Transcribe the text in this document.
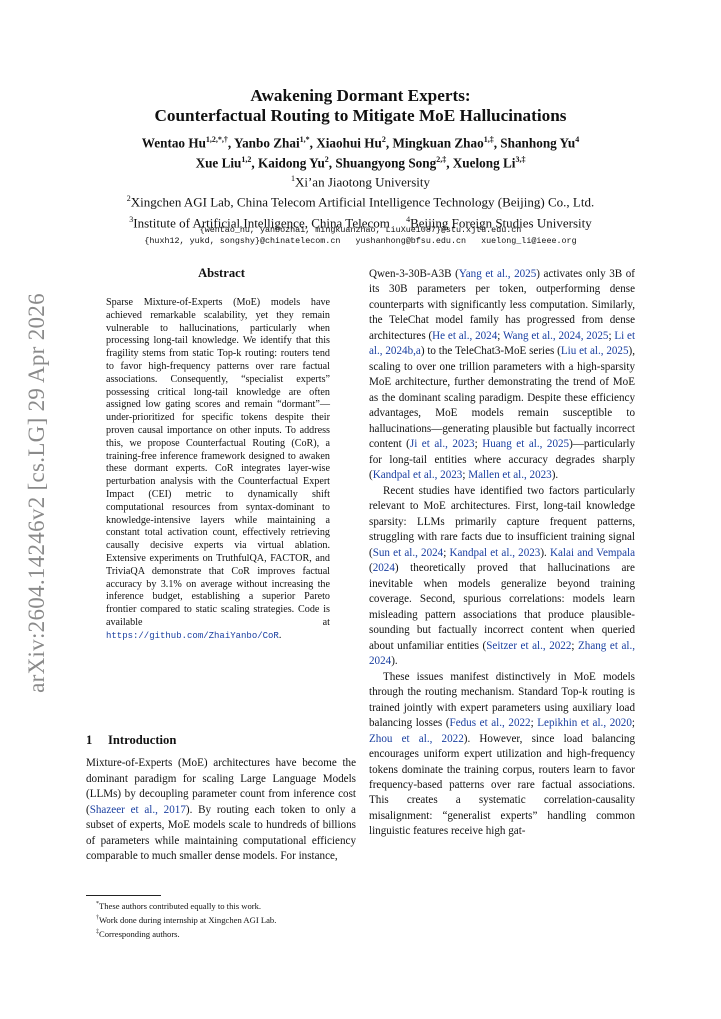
arXiv:2604.14246v2 [cs.LG] 29 Apr 2026
Awakening Dormant Experts:
Counterfactual Routing to Mitigate MoE Hallucinations
Wentao $Hu^{1,2,*,\dagger}$, Yanbo Zhai$^{1,*}$, Xiaohui Hu$^2$, Mingkuan Zhao$^{1,\ddagger}$, Shanhong Yu$^4$
Xue Liu$^{1,2}$, Kaidong Yu$^2$, Shuangyong Song$^{2,\ddagger}$, Xuelong $Li^{3,\ddagger}$
$^1$Xi’an Jiaotong University
$^2$Xingchen AGI Lab, China Telecom Artificial Intelligence Technology (Beijing) Co., Ltd.
$^3$Institute of Artificial Intelligence, China Telecom $^4$Beijing Foreign Studies University
{wentao_hu, yanbozhai, mingkuanzhao, LiuXue1087}@stu.xjtu.edu.cn
{huxh12, yukd, songshy}@chinatelecom.cn   yushanhong@bfsu.edu.cn   xuelong_li@ieee.org
Abstract
Sparse Mixture-of-Experts (MoE) models have achieved remarkable scalability, yet they remain vulnerable to hallucinations, particularly when processing long-tail knowledge. We identify that this fragility stems from static Top-k routing: routers tend to favor high-frequency patterns over rare factual associations. Consequently, “specialist experts” possessing critical long-tail knowledge are often assigned low gating scores and remain “dormant”—under-prioritized for specific tokens despite their proven causal importance on other inputs. To address this, we propose Counterfactual Routing (CoR), a training-free inference framework designed to awaken these dormant experts. CoR integrates layer-wise perturbation analysis with the Counterfactual Expert Impact (CEI) metric to dynamically shift computational resources from syntax-dominant to knowledge-intensive layers while maintaining a constant total activation count, effectively retrieving causally decisive experts via virtual ablation. Extensive experiments on TruthfulQA, FACTOR, and TriviaQA demonstrate that CoR improves factual accuracy by 3.1% on average without increasing the inference budget, establishing a superior Pareto frontier compared to static scaling strategies. Code is available at https://github.com/ZhaiYanbo/CoR.
1 Introduction
Mixture-of-Experts (MoE) architectures have become the dominant paradigm for scaling Large Language Models (LLMs) by decoupling parameter count from inference cost (Shazeer et al., 2017). By routing each token to only a subset of experts, MoE models scale to hundreds of billions of parameters while maintaining computational efficiency comparable to much smaller dense models. For instance,
*These authors contributed equally to this work.
†Work done during internship at Xingchen AGI Lab.
‡Corresponding authors.

Qwen-3-30B-A3B (Yang et al., 2025) activates only 3B of its 30B parameters per token, outperforming dense counterparts with significantly less computation. Similarly, the TeleChat model family has progressed from dense architectures (He et al., 2024; Wang et al., 2024, 2025; Li et al., 2024b,a) to the TeleChat3-MoE series (Liu et al., 2025), scaling to over one trillion parameters with a high-sparsity MoE architecture, further demonstrating the trend of MoE as the dominant scaling paradigm. Despite these efficiency advantages, MoE models remain susceptible to hallucinations—generating plausible but factually incorrect content (Ji et al., 2023; Huang et al., 2025)—particularly for long-tail entities where accuracy degrades sharply (Kandpal et al., 2023; Mallen et al., 2023).

Recent studies have identified two factors particularly relevant to MoE architectures. First, long-tail knowledge sparsity: LLMs primarily capture frequent patterns, struggling with rare facts due to insufficient training signal (Sun et al., 2024; Kandpal et al., 2023). Kalai and Vempala (2024) theoretically proved that hallucinations are inevitable when models generalize beyond training coverage. Second, spurious correlations: models learn misleading pattern associations that produce plausible-sounding but factually incorrect content when queried about unfamiliar entities (Seitzer et al., 2022; Zhang et al., 2024).

These issues manifest distinctively in MoE models through the routing mechanism. Standard Top-k routing is trained jointly with expert parameters using auxiliary load balancing losses (Fedus et al., 2022; Lepikhin et al., 2020; Zhou et al., 2022). However, since load balancing encourages uniform expert utilization and high-frequency tokens dominate the training corpus, routers learn to favor frequency-based patterns over rare factual associations. This creates a systematic correlation-causality misalignment: “generalist experts” handling common linguistic features receive high gat-
